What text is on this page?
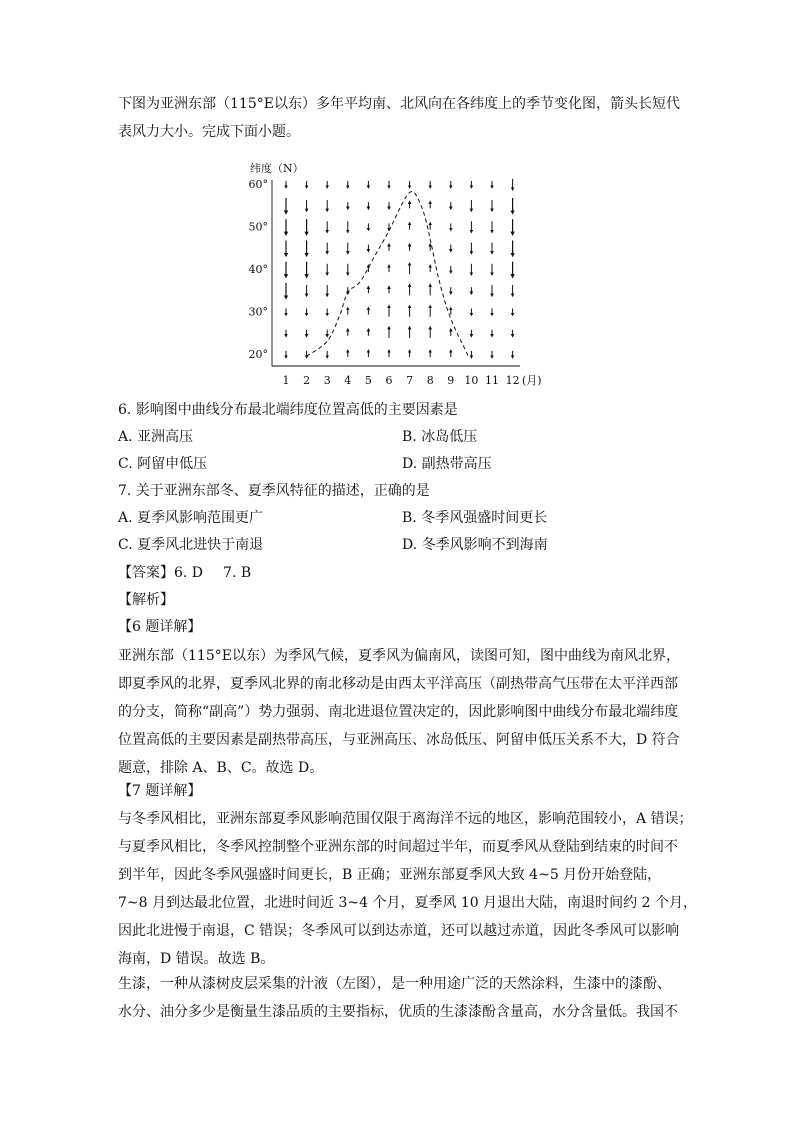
下图为亚洲东部（115°E以东）多年平均南、北风向在各纬度上的季节变化图，箭头长短代
表风力大小。完成下面小题。

纬度（N）
(月)
60°
50°
40°
30°
20°
1 2 3 4 5 6 7 8 9 10 11 12
6. 影响图中曲线分布最北端纬度位置高低的主要因素是
A. 亚洲高压	B. 冰岛低压
C. 阿留申低压	D. 副热带高压
7. 关于亚洲东部冬、夏季风特征的描述，正确的是
A. 夏季风影响范围更广	B. 冬季风强盛时间更长
C. 夏季风北进快于南退	D. 冬季风影响不到海南
【答案】6. D 7. B
【解析】
【6 题详解】

亚洲东部（115°E以东）为季风气候，夏季风为偏南风，读图可知，图中曲线为南风北界，
即夏季风的北界，夏季风北界的南北移动是由西太平洋高压（副热带高气压带在太平洋西部
的分支，简称“副高”）势力强弱、南北进退位置决定的，因此影响图中曲线分布最北端纬度
位置高低的主要因素是副热带高压，与亚洲高压、冰岛低压、阿留申低压关系不大，D 符合
题意，排除 A、B、C。故选 D。

【7 题详解】

与冬季风相比，亚洲东部夏季风影响范围仅限于离海洋不远的地区，影响范围较小，A 错误；
与夏季风相比，冬季风控制整个亚洲东部的时间超过半年，而夏季风从登陆到结束的时间不
到半年，因此冬季风强盛时间更长，B 正确；亚洲东部夏季风大致 4~5 月份开始登陆，
7~8 月到达最北位置，北进时间近 3~4 个月，夏季风 10 月退出大陆，南退时间约 2 个月，
因此北进慢于南退，C 错误；冬季风可以到达赤道，还可以越过赤道，因此冬季风可以影响
海南，D 错误。故选 B。

生漆，一种从漆树皮层采集的汁液（左图），是一种用途广泛的天然涂料，生漆中的漆酚、
水分、油分多少是衡量生漆品质的主要指标，优质的生漆漆酚含量高，水分含量低。我国不
